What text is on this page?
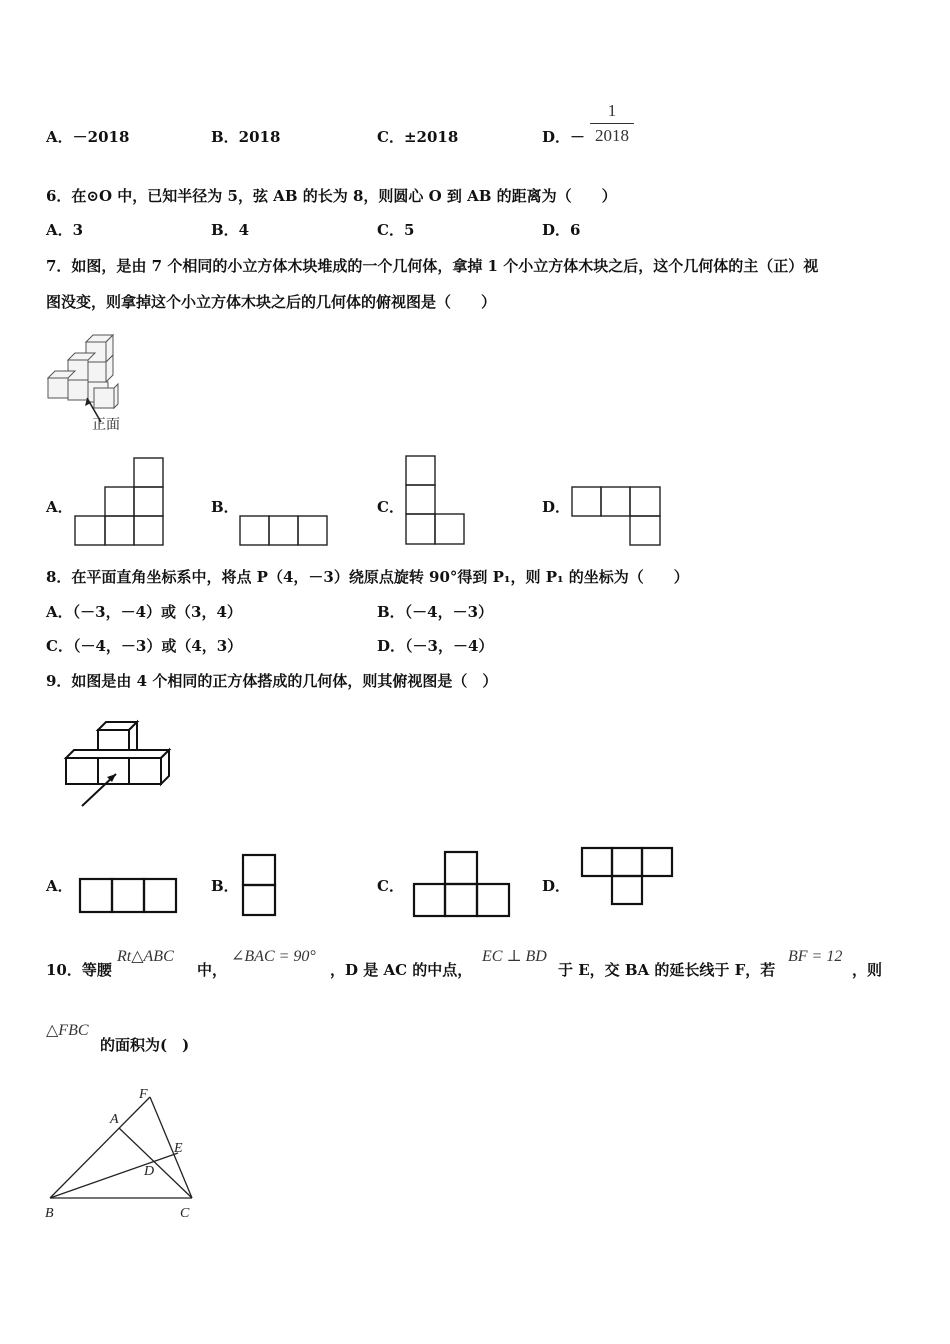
A．－2018	B．2018	C．±2018	D．－
1
2018
6．在⊙O 中，已知半径为 5，弦 AB 的长为 8，则圆心 O 到 AB 的距离为（　　）
A．3	B．4	C．5	D．6
7．如图，是由 7 个相同的小立方体木块堆成的一个几何体，拿掉 1 个小立方体木块之后，这个几何体的主（正）视
图没变，则拿掉这个小立方体木块之后的几何体的俯视图是（　　）
正面
A．	B．	C．	D．
8．在平面直角坐标系中，将点 P（4，－3）绕原点旋转 90°得到 P₁，则 P₁ 的坐标为（　　）
A．（－3，－4）或（3，4）	B．（－4，－3）
C．（－4，－3）或（4，3）	D．（－3，－4）
9．如图是由 4 个相同的正方体搭成的几何体，则其俯视图是（　）
A．	B．	C．	D．
10．等腰
Rt△ABC
中，
∠BAC = 90°
，D 是 AC 的中点，
EC ⊥ BD
于 E，交 BA 的延长线于 F，若
BF = 12
，则
△FBC
的面积为(　)
F
A
E
D
B	C
